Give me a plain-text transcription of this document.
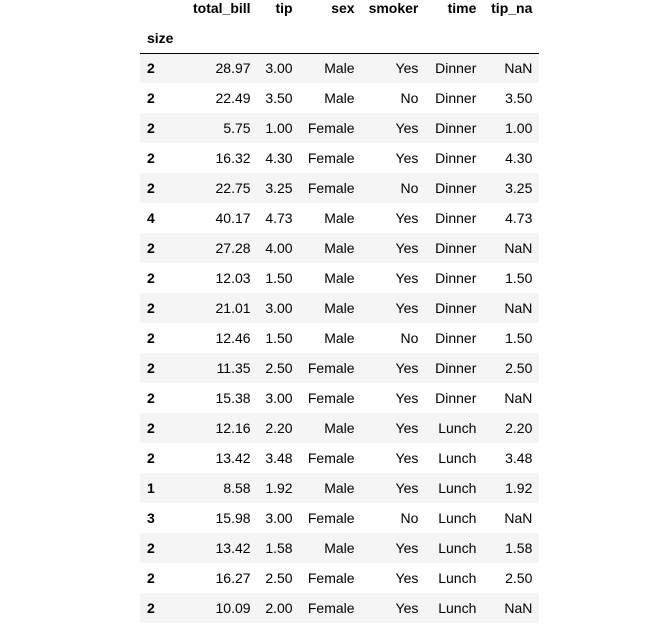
	total_bill	tip	sex	smoker	time	tip_na
size						
2	28.97	3.00	Male	Yes	Dinner	NaN
2	22.49	3.50	Male	No	Dinner	3.50
2	5.75	1.00	Female	Yes	Dinner	1.00
2	16.32	4.30	Female	Yes	Dinner	4.30
2	22.75	3.25	Female	No	Dinner	3.25
4	40.17	4.73	Male	Yes	Dinner	4.73
2	27.28	4.00	Male	Yes	Dinner	NaN
2	12.03	1.50	Male	Yes	Dinner	1.50
2	21.01	3.00	Male	Yes	Dinner	NaN
2	12.46	1.50	Male	No	Dinner	1.50
2	11.35	2.50	Female	Yes	Dinner	2.50
2	15.38	3.00	Female	Yes	Dinner	NaN
2	12.16	2.20	Male	Yes	Lunch	2.20
2	13.42	3.48	Female	Yes	Lunch	3.48
1	8.58	1.92	Male	Yes	Lunch	1.92
3	15.98	3.00	Female	No	Lunch	NaN
2	13.42	1.58	Male	Yes	Lunch	1.58
2	16.27	2.50	Female	Yes	Lunch	2.50
2	10.09	2.00	Female	Yes	Lunch	NaN
